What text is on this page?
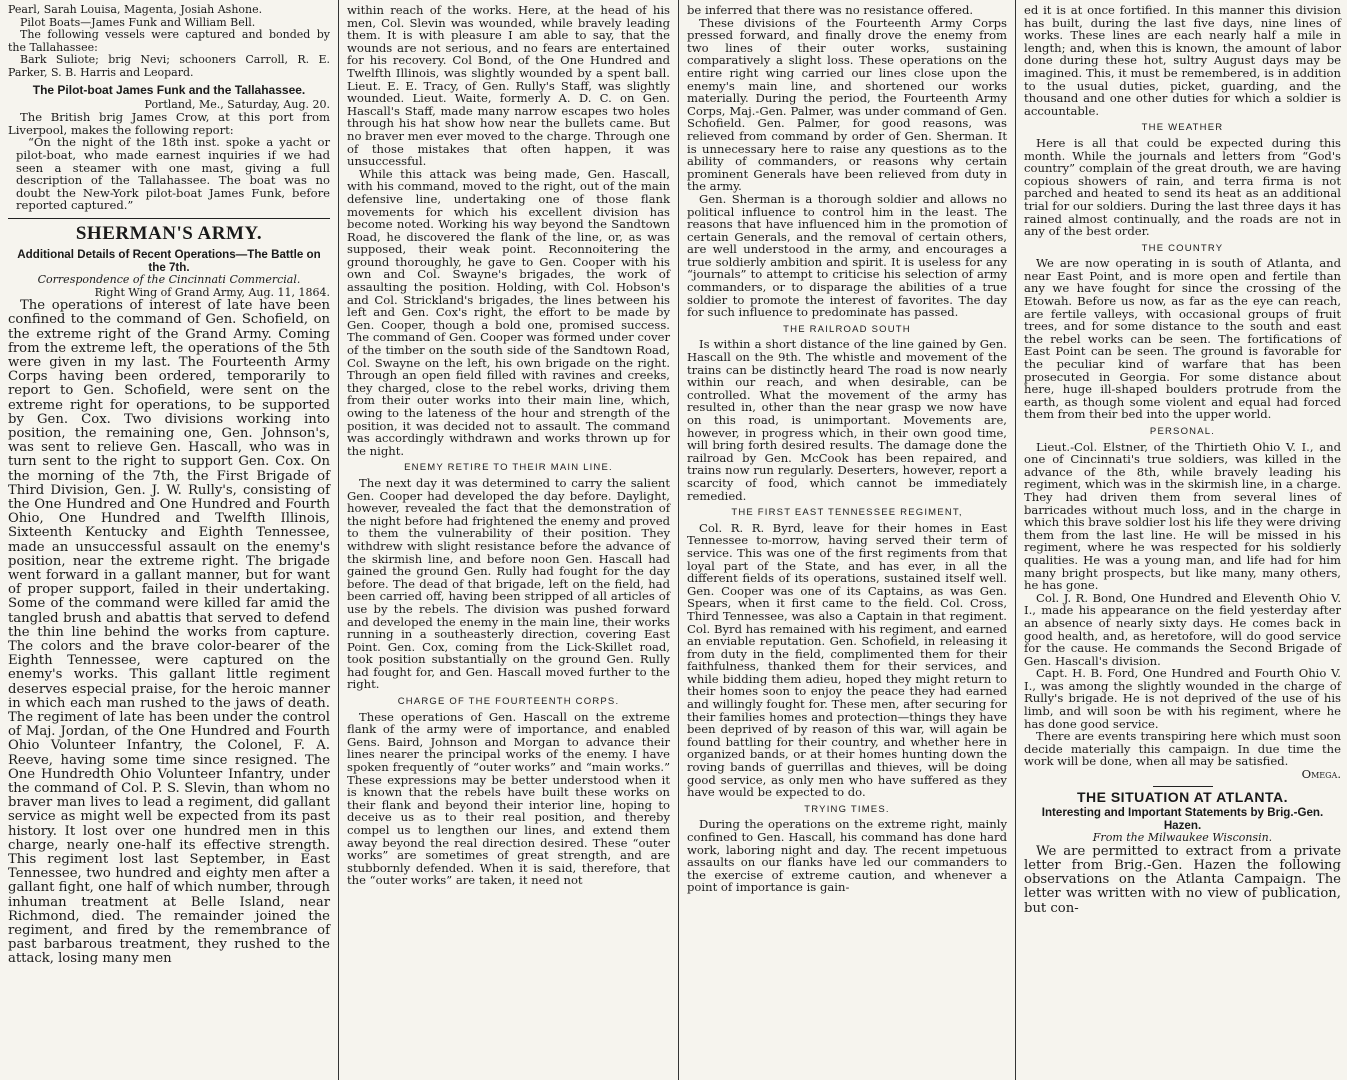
Pearl, Sarah Louisa, Magenta, Josiah Ashone.

Pilot Boats—James Funk and William Bell.

The following vessels were captured and bonded by the Tallahassee:

Bark Suliote; brig Nevi; schooners Carroll, R. E. Parker, S. B. Harris and Leopard.

The Pilot-boat James Funk and the Tallahassee.
Portland, Me., Saturday, Aug. 20.

The British brig James Crow, at this port from Liverpool, makes the following report:

“On the night of the 18th inst. spoke a yacht or pilot-boat, who made earnest inquiries if we had seen a steamer with one mast, giving a full description of the Tallahassee. The boat was no doubt the New-York pilot-boat James Funk, before reported captured.”

SHERMAN'S ARMY.
Additional Details of Recent Operations—The Battle on the 7th.
Correspondence of the Cincinnati Commercial.
Right Wing of Grand Army, Aug. 11, 1864.

The operations of interest of late have been confined to the command of Gen. Schofield, on the extreme right of the Grand Army. Coming from the extreme left, the operations of the 5th were given in my last. The Fourteenth Army Corps having been ordered, temporarily to report to Gen. Schofield, were sent on the extreme right for operations, to be supported by Gen. Cox. Two divisions working into position, the remaining one, Gen. Johnson's, was sent to relieve Gen. Hascall, who was in turn sent to the right to support Gen. Cox. On the morning of the 7th, the First Brigade of Third Division, Gen. J. W. Rully's, consisting of the One Hundred and One Hundred and Fourth Ohio, One Hundred and Twelfth Illinois, Sixteenth Kentucky and Eighth Tennessee, made an unsuccessful assault on the enemy's position, near the extreme right. The brigade went forward in a gallant manner, but for want of proper support, failed in their undertaking. Some of the command were killed far amid the tangled brush and abattis that served to defend the thin line behind the works from capture. The colors and the brave color-bearer of the Eighth Tennessee, were captured on the enemy's works. This gallant little regiment deserves especial praise, for the heroic manner in which each man rushed to the jaws of death. The regiment of late has been under the control of Maj. Jordan, of the One Hundred and Fourth Ohio Volunteer Infantry, the Colonel, F. A. Reeve, having some time since resigned. The One Hundredth Ohio Volunteer Infantry, under the command of Col. P. S. Slevin, than whom no braver man lives to lead a regiment, did gallant service as might well be expected from its past history. It lost over one hundred men in this charge, nearly one-half its effective strength. This regiment lost last September, in East Tennessee, two hundred and eighty men after a gallant fight, one half of which number, through inhuman treatment at Belle Island, near Richmond, died. The remainder joined the regiment, and fired by the remembrance of past barbarous treatment, they rushed to the attack, losing many men

within reach of the works. Here, at the head of his men, Col. Slevin was wounded, while bravely leading them. It is with pleasure I am able to say, that the wounds are not serious, and no fears are entertained for his recovery. Col Bond, of the One Hundred and Twelfth Illinois, was slightly wounded by a spent ball. Lieut. E. E. Tracy, of Gen. Rully's Staff, was slightly wounded. Lieut. Waite, formerly A. D. C. on Gen. Hascall's Staff, made many narrow escapes two holes through his hat show how near the bullets came. But no braver men ever moved to the charge. Through one of those mistakes that often happen, it was unsuccessful.

While this attack was being made, Gen. Hascall, with his command, moved to the right, out of the main defensive line, undertaking one of those flank movements for which his excellent division has become noted. Working his way beyond the Sandtown Road, he discovered the flank of the line, or, as was supposed, their weak point. Reconnoitering the ground thoroughly, he gave to Gen. Cooper with his own and Col. Swayne's brigades, the work of assaulting the position. Holding, with Col. Hobson's and Col. Strickland's brigades, the lines between his left and Gen. Cox's right, the effort to be made by Gen. Cooper, though a bold one, promised success. The command of Gen. Cooper was formed under cover of the timber on the south side of the Sandtown Road, Col. Swayne on the left, his own brigade on the right. Through an open field filled with ravines and creeks, they charged, close to the rebel works, driving them from their outer works into their main line, which, owing to the lateness of the hour and strength of the position, it was decided not to assault. The command was accordingly withdrawn and works thrown up for the night.

ENEMY RETIRE TO THEIR MAIN LINE.

The next day it was determined to carry the salient Gen. Cooper had developed the day before. Daylight, however, revealed the fact that the demonstration of the night before had frightened the enemy and proved to them the vulnerability of their position. They withdrew with slight resistance before the advance of the skirmish line, and before noon Gen. Hascall had gained the ground Gen. Rully had fought for the day before. The dead of that brigade, left on the field, had been carried off, having been stripped of all articles of use by the rebels. The division was pushed forward and developed the enemy in the main line, their works running in a southeasterly direction, covering East Point. Gen. Cox, coming from the Lick-Skillet road, took position substantially on the ground Gen. Rully had fought for, and Gen. Hascall moved further to the right.

CHARGE OF THE FOURTEENTH CORPS.

These operations of Gen. Hascall on the extreme flank of the army were of importance, and enabled Gens. Baird, Johnson and Morgan to advance their lines nearer the principal works of the enemy. I have spoken frequently of “outer works” and “main works.” These expressions may be better understood when it is known that the rebels have built these works on their flank and beyond their interior line, hoping to deceive us as to their real position, and thereby compel us to lengthen our lines, and extend them away beyond the real direction desired. These “outer works” are sometimes of great strength, and are stubbornly defended. When it is said, therefore, that the “outer works” are taken, it need not

be inferred that there was no resistance offered.

These divisions of the Fourteenth Army Corps pressed forward, and finally drove the enemy from two lines of their outer works, sustaining comparatively a slight loss. These operations on the entire right wing carried our lines close upon the enemy's main line, and shortened our works materially. During the period, the Fourteenth Army Corps, Maj.-Gen. Palmer, was under command of Gen. Schofield. Gen. Palmer, for good reasons, was relieved from command by order of Gen. Sherman. It is unnecessary here to raise any questions as to the ability of commanders, or reasons why certain prominent Generals have been relieved from duty in the army.

Gen. Sherman is a thorough soldier and allows no political influence to control him in the least. The reasons that have influenced him in the promotion of certain Generals, and the removal of certain others, are well understood in the army, and encourages a true soldierly ambition and spirit. It is useless for any “journals” to attempt to criticise his selection of army commanders, or to disparage the abilities of a true soldier to promote the interest of favorites. The day for such influence to predominate has passed.

THE RAILROAD SOUTH

Is within a short distance of the line gained by Gen. Hascall on the 9th. The whistle and movement of the trains can be distinctly heard The road is now nearly within our reach, and when desirable, can be controlled. What the movement of the army has resulted in, other than the near grasp we now have on this road, is unimportant. Movements are, however, in progress which, in their own good time, will bring forth desired results. The damage done the railroad by Gen. McCook has been repaired, and trains now run regularly. Deserters, however, report a scarcity of food, which cannot be immediately remedied.

THE FIRST EAST TENNESSEE REGIMENT,

Col. R. R. Byrd, leave for their homes in East Tennessee to-morrow, having served their term of service. This was one of the first regiments from that loyal part of the State, and has ever, in all the different fields of its operations, sustained itself well. Gen. Cooper was one of its Captains, as was Gen. Spears, when it first came to the field. Col. Cross, Third Tennessee, was also a Captain in that regiment. Col. Byrd has remained with his regiment, and earned an enviable reputation. Gen. Schofield, in releasing it from duty in the field, complimented them for their faithfulness, thanked them for their services, and while bidding them adieu, hoped they might return to their homes soon to enjoy the peace they had earned and willingly fought for. These men, after securing for their families homes and protection—things they have been deprived of by reason of this war, will again be found battling for their country, and whether here in organized bands, or at their homes hunting down the roving bands of guerrillas and thieves, will be doing good service, as only men who have suffered as they have would be expected to do.

TRYING TIMES.

During the operations on the extreme right, mainly confined to Gen. Hascall, his command has done hard work, laboring night and day. The recent impetuous assaults on our flanks have led our commanders to the exercise of extreme caution, and whenever a point of importance is gain-

ed it is at once fortified. In this manner this division has built, during the last five days, nine lines of works. These lines are each nearly half a mile in length; and, when this is known, the amount of labor done during these hot, sultry August days may be imagined. This, it must be remembered, is in addition to the usual duties, picket, guarding, and the thousand and one other duties for which a soldier is accountable.

THE WEATHER

Here is all that could be expected during this month. While the journals and letters from “God's country” complain of the great drouth, we are having copious showers of rain, and terra firma is not parched and heated to send its heat as an additional trial for our soldiers. During the last three days it has rained almost continually, and the roads are not in any of the best order.

THE COUNTRY

We are now operating in is south of Atlanta, and near East Point, and is more open and fertile than any we have fought for since the crossing of the Etowah. Before us now, as far as the eye can reach, are fertile valleys, with occasional groups of fruit trees, and for some distance to the south and east the rebel works can be seen. The fortifications of East Point can be seen. The ground is favorable for the peculiar kind of warfare that has been prosecuted in Georgia. For some distance about here, huge ill-shaped boulders protrude from the earth, as though some violent and equal had forced them from their bed into the upper world.

PERSONAL.

Lieut.-Col. Elstner, of the Thirtieth Ohio V. I., and one of Cincinnati's true soldiers, was killed in the advance of the 8th, while bravely leading his regiment, which was in the skirmish line, in a charge. They had driven them from several lines of barricades without much loss, and in the charge in which this brave soldier lost his life they were driving them from the last line. He will be missed in his regiment, where he was respected for his soldierly qualities. He was a young man, and life had for him many bright prospects, but like many, many others, he has gone.

Col. J. R. Bond, One Hundred and Eleventh Ohio V. I., made his appearance on the field yesterday after an absence of nearly sixty days. He comes back in good health, and, as heretofore, will do good service for the cause. He commands the Second Brigade of Gen. Hascall's division.

Capt. H. B. Ford, One Hundred and Fourth Ohio V. I., was among the slightly wounded in the charge of Rully's brigade. He is not deprived of the use of his limb, and will soon be with his regiment, where he has done good service.

There are events transpiring here which must soon decide materially this campaign. In due time the work will be done, when all may be satisfied.

Omega.
THE SITUATION AT ATLANTA.
Interesting and Important Statements by Brig.-Gen. Hazen.
From the Milwaukee Wisconsin.

We are permitted to extract from a private letter from Brig.-Gen. Hazen the following observations on the Atlanta Campaign. The letter was written with no view of publication, but con-
